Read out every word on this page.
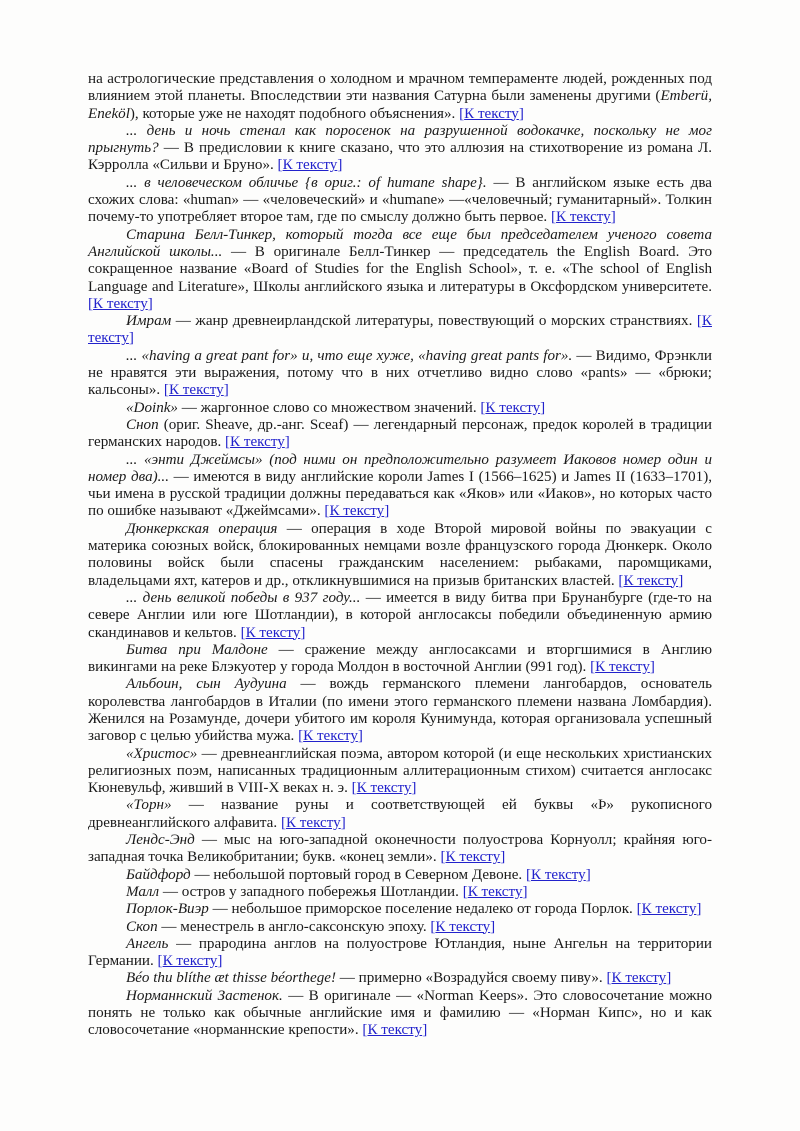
на астрологические представления о холодном и мрачном темпераменте людей, рожденных под влиянием этой планеты. Впоследствии эти названия Сатурна были заменены другими (Emberü, Eneköl), которые уже не находят подобного объяснения». [К тексту]

... день и ночь стенал как поросенок на разрушенной водокачке, поскольку не мог прыгнуть? — В предисловии к книге сказано, что это аллюзия на стихотворение из романа Л. Кэрролла «Сильви и Бруно». [К тексту]

... в человеческом обличье {в ориг.: of humane shape}. — В английском языке есть два схожих слова: «human» — «человеческий» и «humane» —«человечный; гуманитарный». Толкин почему-то употребляет второе там, где по смыслу должно быть первое. [К тексту]

Старина Белл-Тинкер, который тогда все еще был председателем ученого совета Английской школы... — В оригинале Белл-Тинкер — председатель the English Board. Это сокращенное название «Board of Studies for the English School», т. е. «The school of English Language and Literature», Школы английского языка и литературы в Оксфордском университете. [К тексту]

Имрам — жанр древнеирландской литературы, повествующий о морских странствиях. [К тексту]

... «having a great pant for» и, что еще хуже, «having great pants for». — Видимо, Фрэнкли не нравятся эти выражения, потому что в них отчетливо видно слово «pants» — «брюки; кальсоны». [К тексту]

«Doink» — жаргонное слово со множеством значений. [К тексту]

Сноп (ориг. Sheave, др.-анг. Sceaf) — легендарный персонаж, предок королей в традиции германских народов. [К тексту]

... «энти Джеймсы» (под ними он предположительно разумеет Иаковов номер один и номер два)... — имеются в виду английские короли James I (1566–1625) и James II (1633–1701), чьи имена в русской традиции должны передаваться как «Яков» или «Иаков», но которых часто по ошибке называют «Джеймсами». [К тексту]

Дюнкеркская операция — операция в ходе Второй мировой войны по эвакуации с материка союзных войск, блокированных немцами возле французского города Дюнкерк. Около половины войск были спасены гражданским населением: рыбаками, паромщиками, владельцами яхт, катеров и др., откликнувшимися на призыв британских властей. [К тексту]

... день великой победы в 937 году... — имеется в виду битва при Брунанбурге (где-то на севере Англии или юге Шотландии), в которой англосаксы победили объединенную армию скандинавов и кельтов. [К тексту]

Битва при Малдоне — сражение между англосаксами и вторгшимися в Англию викингами на реке Блэкуотер у города Молдон в восточной Англии (991 год). [К тексту]

Альбоин, сын Аудуина — вождь германского племени лангобардов, основатель королевства лангобардов в Италии (по имени этого германского племени названа Ломбардия). Женился на Розамунде, дочери убитого им короля Кунимунда, которая организовала успешный заговор с целью убийства мужа. [К тексту]

«Христос» — древнеанглийская поэма, автором которой (и еще нескольких христианских религиозных поэм, написанных традиционным аллитерационным стихом) считается англосакс Кюневульф, живший в VIII-X веках н. э. [К тексту]

«Торн» — название руны и соответствующей ей буквы «Þ» рукописного древнеанглийского алфавита. [К тексту]

Лендс-Энд — мыс на юго-западной оконечности полуострова Корнуолл; крайняя юго-западная точка Великобритании; букв. «конец земли». [К тексту]

Байдфорд — небольшой портовый город в Северном Девоне. [К тексту]

Малл — остров у западного побережья Шотландии. [К тексту]

Порлок-Виэр — небольшое приморское поселение недалеко от города Порлок. [К тексту]

Скоп — менестрель в англо-саксонскую эпоху. [К тексту]

Ангель — прародина англов на полуострове Ютландия, ныне Ангельн на территории Германии. [К тексту]

Béo thu blíthe æt thisse béorthege! — примерно «Возрадуйся своему пиву». [К тексту]

Норманнский Застенок. — В оригинале — «Norman Keeps». Это словосочетание можно понять не только как обычные английские имя и фамилию — «Норман Кипс», но и как словосочетание «норманнские крепости». [К тексту]
